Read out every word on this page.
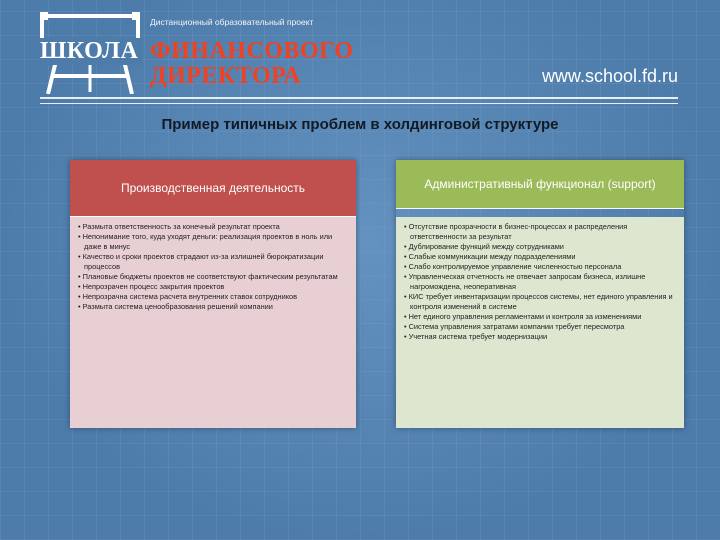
Дистанционный образовательный проект
ШКОЛА ФИНАНСОВОГО
ДИРЕКТОРА	www.school.fd.ru
Пример типичных проблем в холдинговой структуре
Производственная деятельность
• Размыта ответственность за конечный результат проекта
• Непонимание того, куда уходят деньги: реализация проектов в ноль или даже в минус
• Качество и сроки проектов страдают из-за излишней бюрократизации процессов
• Плановые бюджеты проектов не соответствуют фактическим результатам
• Непрозрачен процесс закрытия проектов
• Непрозрачна система расчета внутренних ставок сотрудников
• Размыта система ценообразования решений компании
Административный функционал (support)
• Отсутствие прозрачности в бизнес-процессах и распределения ответственности за результат
• Дублирование функций между сотрудниками
• Слабые коммуникации между подразделениями
• Слабо контролируемое управление численностью персонала
• Управленческая отчетность не отвечает запросам бизнеса, излишне нагромождена, неоперативная
• КИС требует инвентаризации процессов системы, нет единого управления и контроля изменений в системе
• Нет единого управления регламентами и контроля за изменениями
• Система управления затратами компании требует пересмотра
• Учетная система требует модернизации
